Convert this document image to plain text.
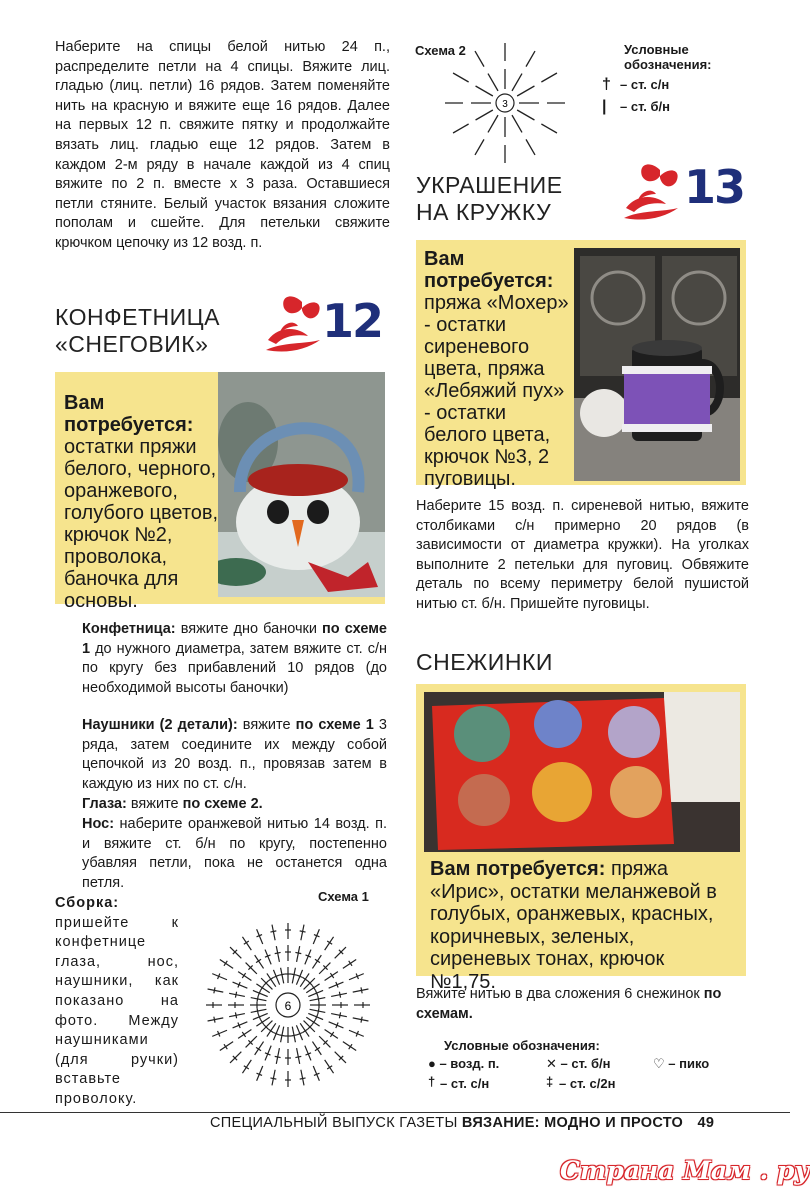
Наберите на спицы белой нитью 24 п., распределите петли на 4 спицы. Вяжите лиц. гладью (лиц. петли) 16 рядов. Затем поменяйте нить на красную и вяжите еще 16 рядов. Далее на первых 12 п. свяжите пятку и продолжайте вязать лиц. гладью еще 12 рядов. Затем в каждом 2-м ряду в начале каждой из 4 спиц вяжите по 2 п. вместе х 3 раза. Оставшиеся петли стяните. Белый участок вязания сложите пополам и сшейте. Для петельки свяжите крючком цепочку из 12 возд. п.

КОНФЕТНИЦА
«СНЕГОВИК» 12
Вам потребуется:
остатки пряжи белого, черного, оранжевого, голубого цветов, крючок №2, проволока, баночка для основы.

Конфетница: вяжите дно баночки по схеме 1 до нужного диаметра, затем вяжите ст. с/н по кругу без прибавлений 10 рядов (до необходимой высоты баночки)

Наушники (2 детали): вяжите по схеме 1 3 ряда, затем соедините их между собой цепочкой из 20 возд. п., провязав затем в каждую из них по ст. с/н.

Глаза: вяжите по схеме 2.

Нос: наберите оранжевой нитью 14 возд. п. и вяжите ст. б/н по кругу, постепенно убавляя петли, пока не останется одна петля.

Сборка: пришейте к конфетнице глаза, нос, наушники, как показано на фото. Между наушниками (для ручки) вставьте проволоку.

Схема 1
6
Схема 2
3
Условные обозначения:
† – ст. с/н
| – ст. б/н
УКРАШЕНИЕ
НА КРУЖКУ	13
Вам потребуется:
пряжа «Мохер» - остатки сиреневого цвета, пряжа «Лебяжий пух» - остатки белого цвета, крючок №3, 2 пуговицы.

Наберите 15 возд. п. сиреневой нитью, вяжите столбиками с/н примерно 20 рядов (в зависимости от диаметра кружки). На уголках выполните 2 петельки для пуговиц. Обвяжите деталь по всему периметру белой пушистой нитью ст. б/н. Пришейте пуговицы.

СНЕЖИНКИ
Вам потребуется: пряжа «Ирис», остатки меланжевой в голубых, оранжевых, красных, коричневых, зеленых, сиреневых тонах, крючок №1,75.

Вяжите нитью в два сложения 6 снежинок по схемам.

Условные обозначения:
● – возд. п.	✕ – ст. б/н	♡ – пико
† – ст. с/н	‡ – ст. с/2н
СПЕЦИАЛЬНЫЙ ВЫПУСК ГАЗЕТЫ ВЯЗАНИЕ: МОДНО И ПРОСТО 49
Страна Мам . ру
